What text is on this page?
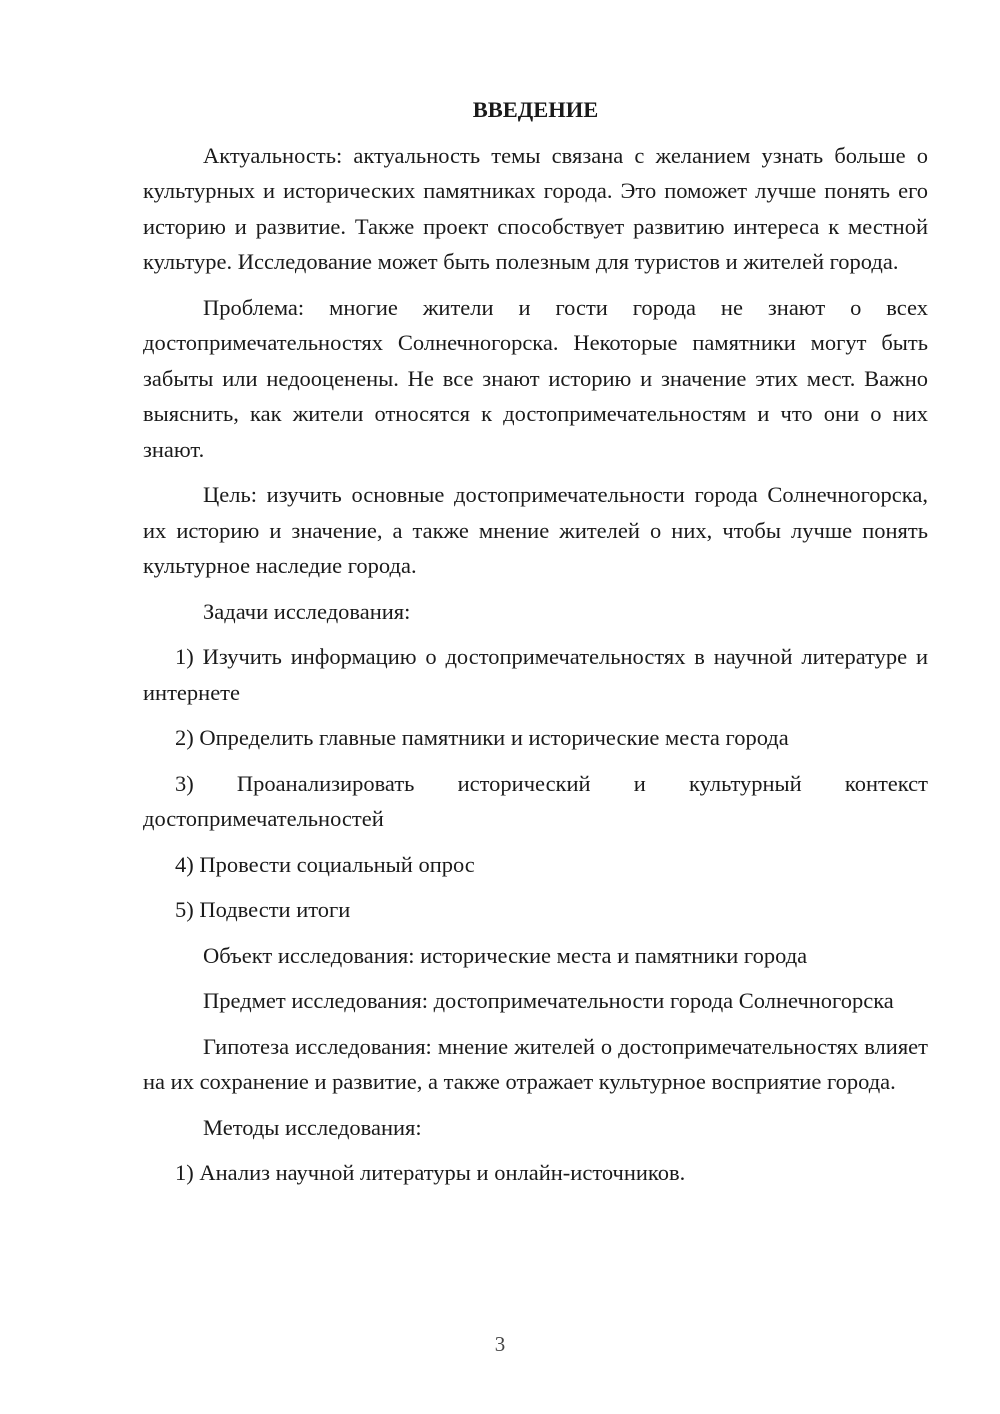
ВВЕДЕНИЕ

Актуальность: актуальность темы связана с желанием узнать больше о культурных и исторических памятниках города. Это поможет лучше понять его историю и развитие. Также проект способствует развитию интереса к местной культуре. Исследование может быть полезным для туристов и жителей города.

Проблема: многие жители и гости города не знают о всех достопримечательностях Солнечногорска. Некоторые памятники могут быть забыты или недооценены. Не все знают историю и значение этих мест. Важно выяснить, как жители относятся к достопримечательностям и что они о них знают.

Цель: изучить основные достопримечательности города Солнечногорска, их историю и значение, а также мнение жителей о них, чтобы лучше понять культурное наследие города.

Задачи исследования:

1) Изучить информацию о достопримечательностях в научной литературе и интернете

2) Определить главные памятники и исторические места города

3) Проанализировать исторический и культурный контекст достопримечательностей

4) Провести социальный опрос

5) Подвести итоги

Объект исследования: исторические места и памятники города

Предмет исследования: достопримечательности города Солнечногорска

Гипотеза исследования: мнение жителей о достопримечательностях влияет на их сохранение и развитие, а также отражает культурное восприятие города.

Методы исследования:

1) Анализ научной литературы и онлайн-источников.

3
